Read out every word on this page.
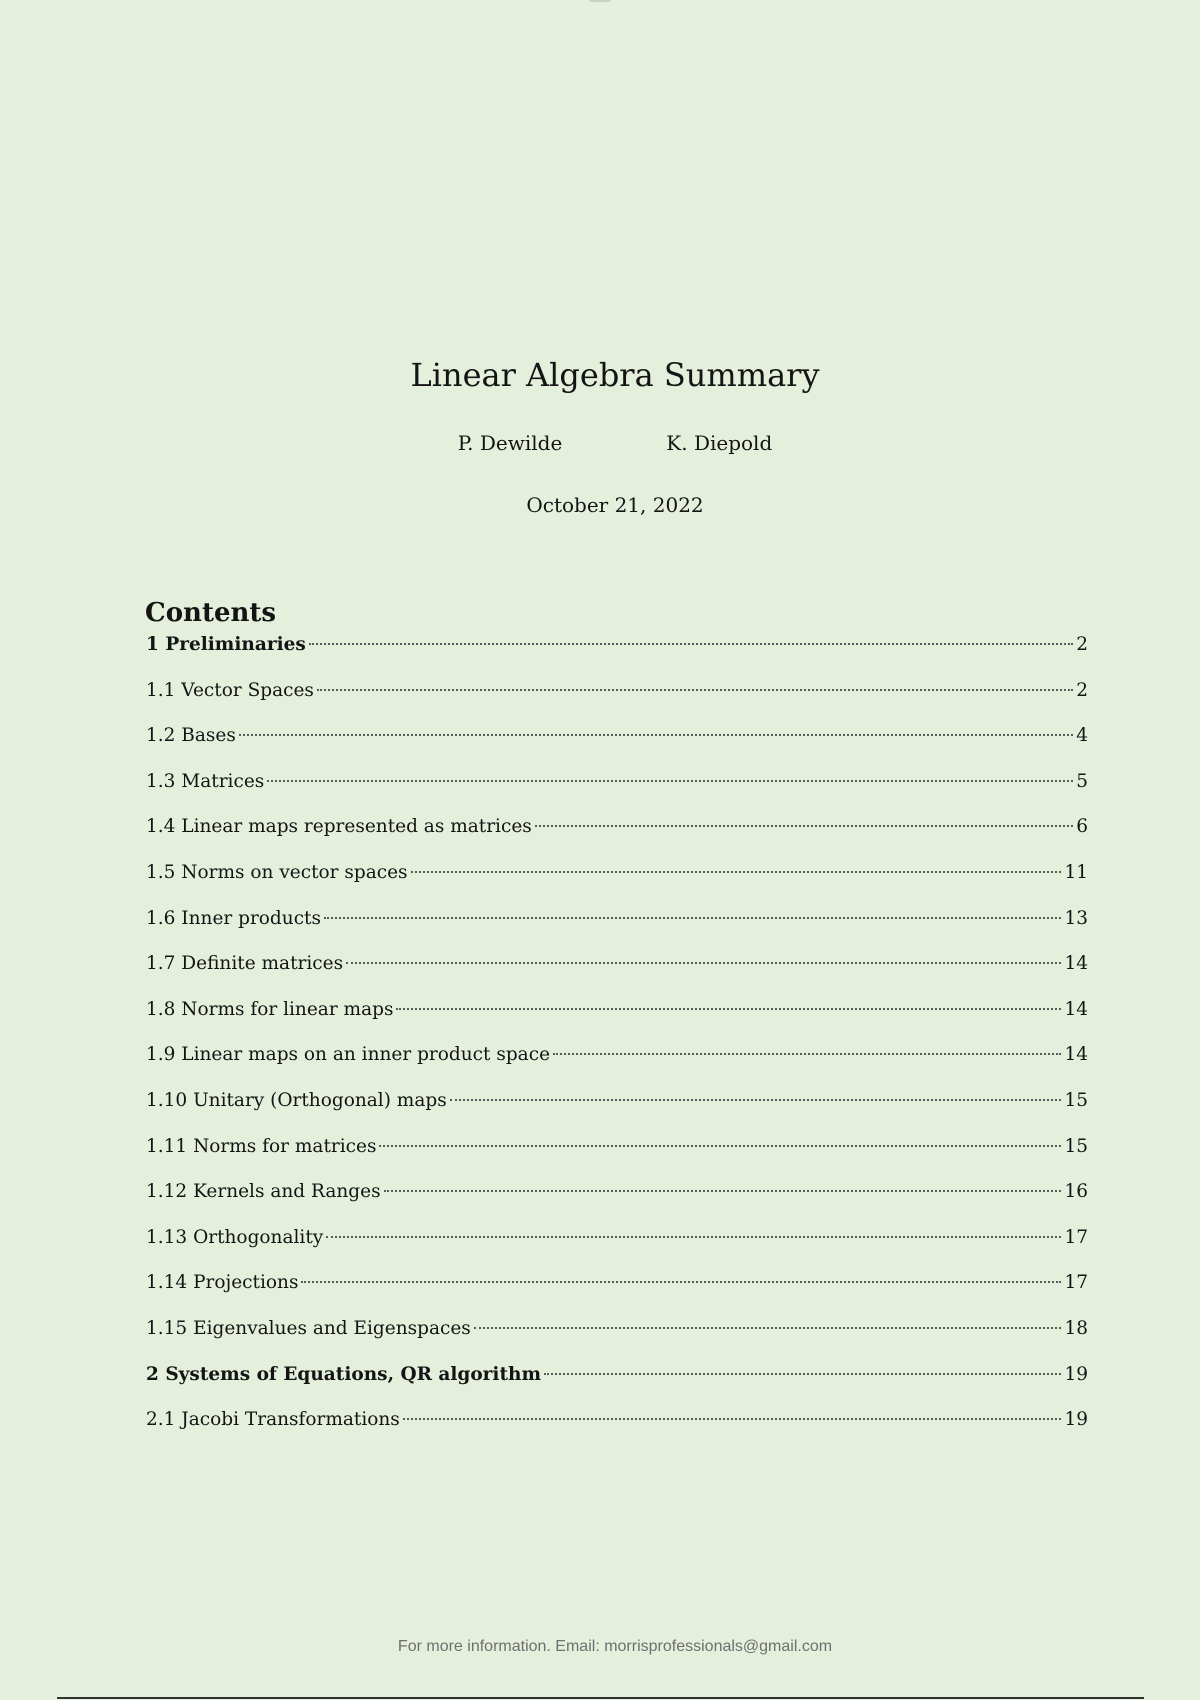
Linear Algebra Summary
P. Dewilde	K. Diepold
October 21, 2022
Contents
1 Preliminaries	2
1.1 Vector Spaces	2
1.2 Bases	4
1.3 Matrices	5
1.4 Linear maps represented as matrices	6
1.5 Norms on vector spaces	11
1.6 Inner products	13
1.7 Definite matrices	14
1.8 Norms for linear maps	14
1.9 Linear maps on an inner product space	14
1.10 Unitary (Orthogonal) maps	15
1.11 Norms for matrices	15
1.12 Kernels and Ranges	16
1.13 Orthogonality	17
1.14 Projections	17
1.15 Eigenvalues and Eigenspaces	18
2 Systems of Equations, QR algorithm	19
2.1 Jacobi Transformations	19
For more information. Email: morrisprofessionals@gmail.com
